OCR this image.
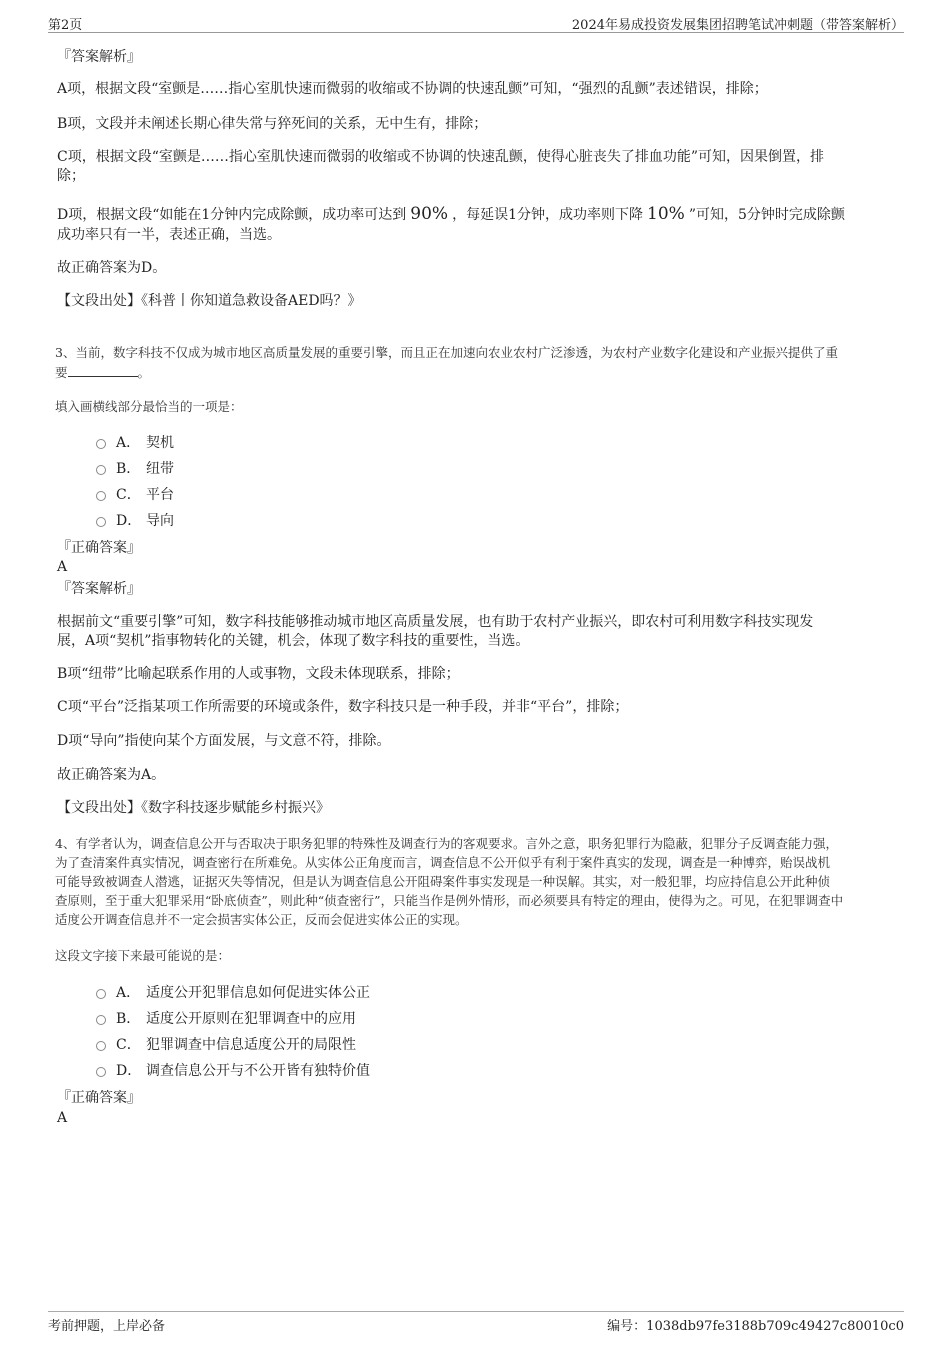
第2页	2024年易成投资发展集团招聘笔试冲刺题（带答案解析）
『答案解析』
A项，根据文段“室颤是……指心室肌快速而微弱的收缩或不协调的快速乱颤”可知，“强烈的乱颤”表述错误，排除；
B项，文段并未阐述长期心律失常与猝死间的关系，无中生有，排除；
C项，根据文段“室颤是……指心室肌快速而微弱的收缩或不协调的快速乱颤，使得心脏丧失了排血功能”可知，因果倒置，排
除；
D项，根据文段“如能在1分钟内完成除颤，成功率可达到 90% ，每延误1分钟，成功率则下降 10% ”可知，5分钟时完成除颤
成功率只有一半，表述正确，当选。
故正确答案为D。
【文段出处】《科普丨你知道急救设备AED吗？》
3、当前，数字科技不仅成为城市地区高质量发展的重要引擎，而且正在加速向农业农村广泛渗透，为农村产业数字化建设和产业振兴提供了重
要	。
填入画横线部分最恰当的一项是：
A． 契机
B． 纽带
C． 平台
D． 导向
『正确答案』
A
『答案解析』
根据前文“重要引擎”可知，数字科技能够推动城市地区高质量发展，也有助于农村产业振兴，即农村可利用数字科技实现发
展，A项“契机”指事物转化的关键，机会，体现了数字科技的重要性，当选。
B项“纽带”比喻起联系作用的人或事物，文段未体现联系，排除；
C项“平台”泛指某项工作所需要的环境或条件，数字科技只是一种手段，并非“平台”，排除；
D项“导向”指使向某个方面发展，与文意不符，排除。
故正确答案为A。
【文段出处】《数字科技逐步赋能乡村振兴》
4、有学者认为，调查信息公开与否取决于职务犯罪的特殊性及调查行为的客观要求。言外之意，职务犯罪行为隐蔽，犯罪分子反调查能力强，
为了查清案件真实情况，调查密行在所难免。从实体公正角度而言，调查信息不公开似乎有利于案件真实的发现，调查是一种博弈，贻误战机
可能导致被调查人潜逃，证据灭失等情况，但是认为调查信息公开阻碍案件事实发现是一种误解。其实，对一般犯罪，均应持信息公开此种侦
查原则，至于重大犯罪采用“卧底侦查”，则此种“侦查密行”，只能当作是例外情形，而必须要具有特定的理由，使得为之。可见，在犯罪调查中
适度公开调查信息并不一定会损害实体公正，反而会促进实体公正的实现。
这段文字接下来最可能说的是：
A． 适度公开犯罪信息如何促进实体公正
B． 适度公开原则在犯罪调查中的应用
C． 犯罪调查中信息适度公开的局限性
D． 调查信息公开与不公开皆有独特价值
『正确答案』
A
考前押题，上岸必备	编号：1038db97fe3188b709c49427c80010c0
